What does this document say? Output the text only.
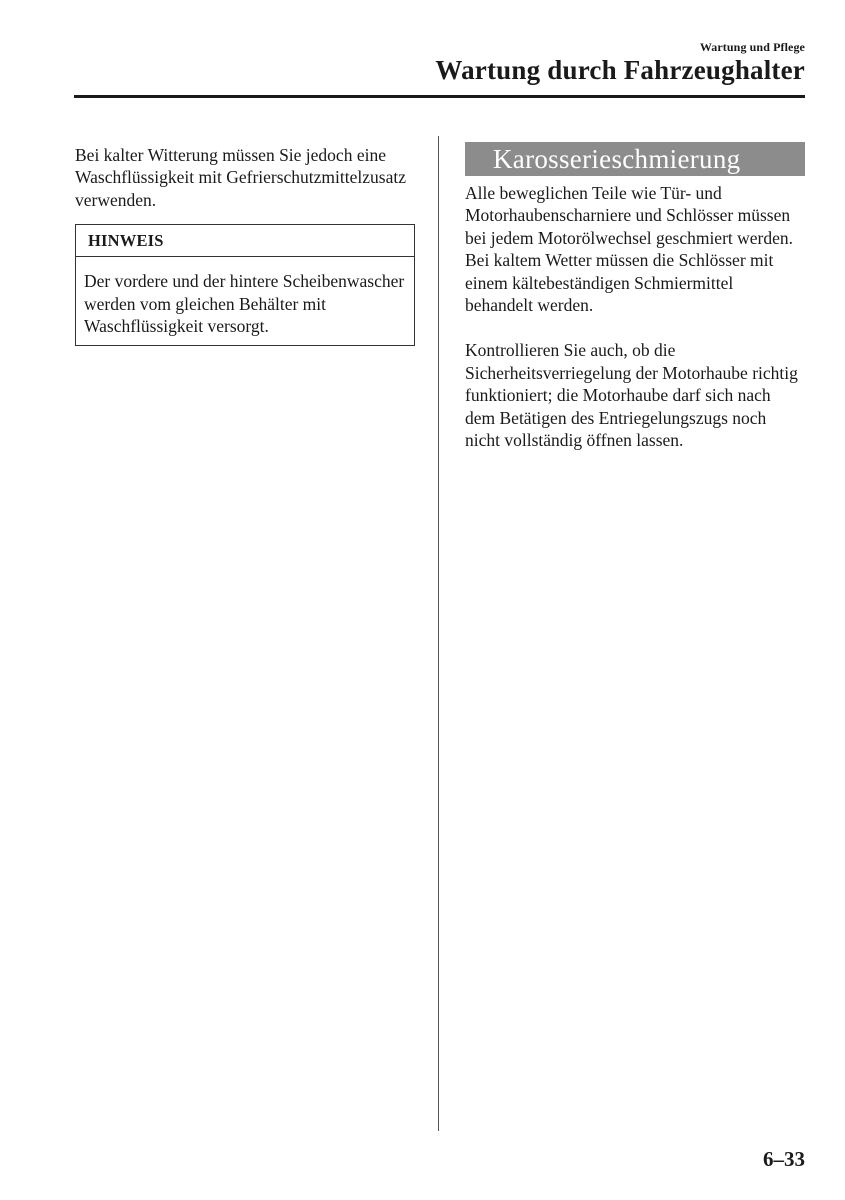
Wartung und Pflege
Wartung durch Fahrzeughalter

Bei kalter Witterung müssen Sie jedoch eine Waschflüssigkeit mit Gefrierschutzmittelzusatz verwenden.

HINWEIS
Der vordere und der hintere Scheibenwascher werden vom gleichen Behälter mit Waschflüssigkeit versorgt.
Karosserieschmierung

Alle beweglichen Teile wie Tür- und Motorhaubenscharniere und Schlösser müssen bei jedem Motorölwechsel geschmiert werden. Bei kaltem Wetter müssen die Schlösser mit einem kältebeständigen Schmiermittel behandelt werden.

Kontrollieren Sie auch, ob die Sicherheitsverriegelung der Motorhaube richtig funktioniert; die Motorhaube darf sich nach dem Betätigen des Entriegelungszugs noch nicht vollständig öffnen lassen.

6–33
